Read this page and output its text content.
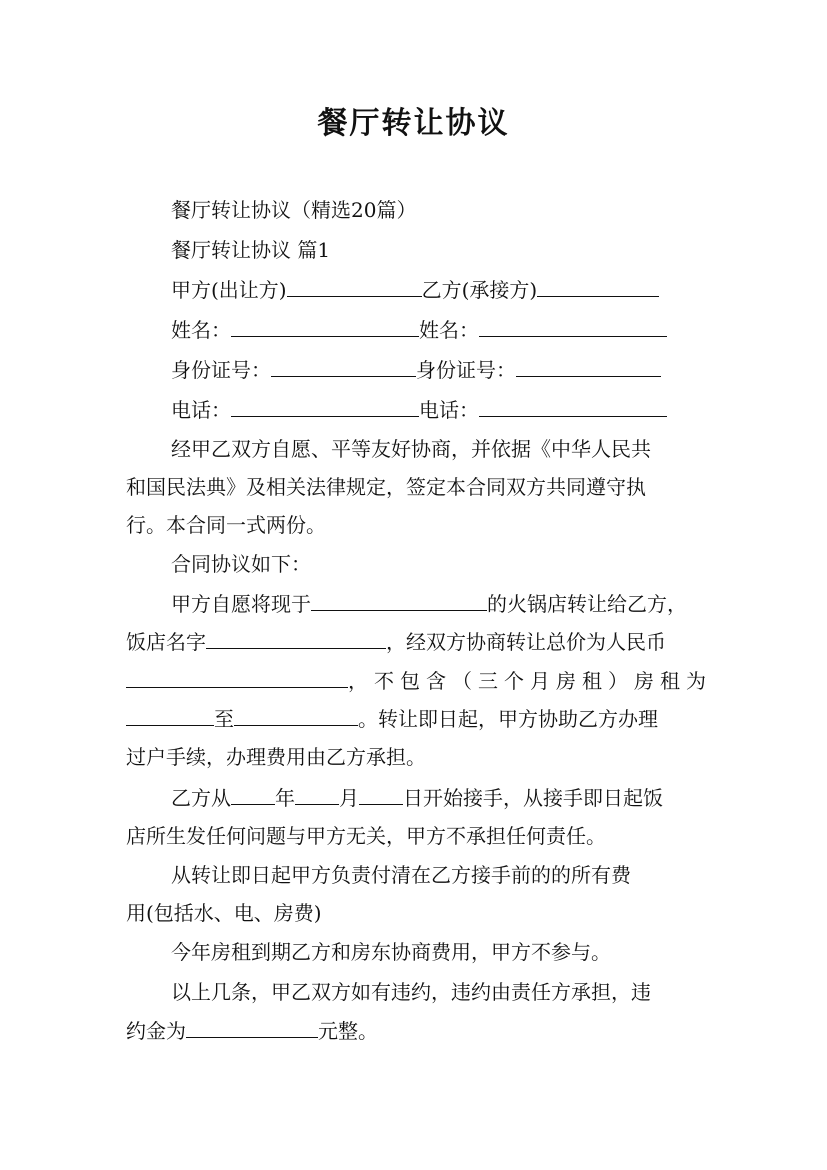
餐厅转让协议
餐厅转让协议（精选20篇）
餐厅转让协议 篇1
甲方(出让方)	乙方(承接方)
姓名：	姓名：
身份证号：	身份证号：
电话：	电话：
经甲乙双方自愿、平等友好协商，并依据《中华人民共
和国民法典》及相关法律规定，签定本合同双方共同遵守执
行。本合同一式两份。
合同协议如下：
甲方自愿将现于	的火锅店转让给乙方，
饭店名字	，经双方协商转让总价为人民币
，不包含（三个月房租）房租为
至	。转让即日起，甲方协助乙方办理
过户手续，办理费用由乙方承担。
乙方从 年 月 日开始接手，从接手即日起饭
店所生发任何问题与甲方无关，甲方不承担任何责任。
从转让即日起甲方负责付清在乙方接手前的的所有费
用(包括水、电、房费)
今年房租到期乙方和房东协商费用，甲方不参与。
以上几条，甲乙双方如有违约，违约由责任方承担，违
约金为	元整。
